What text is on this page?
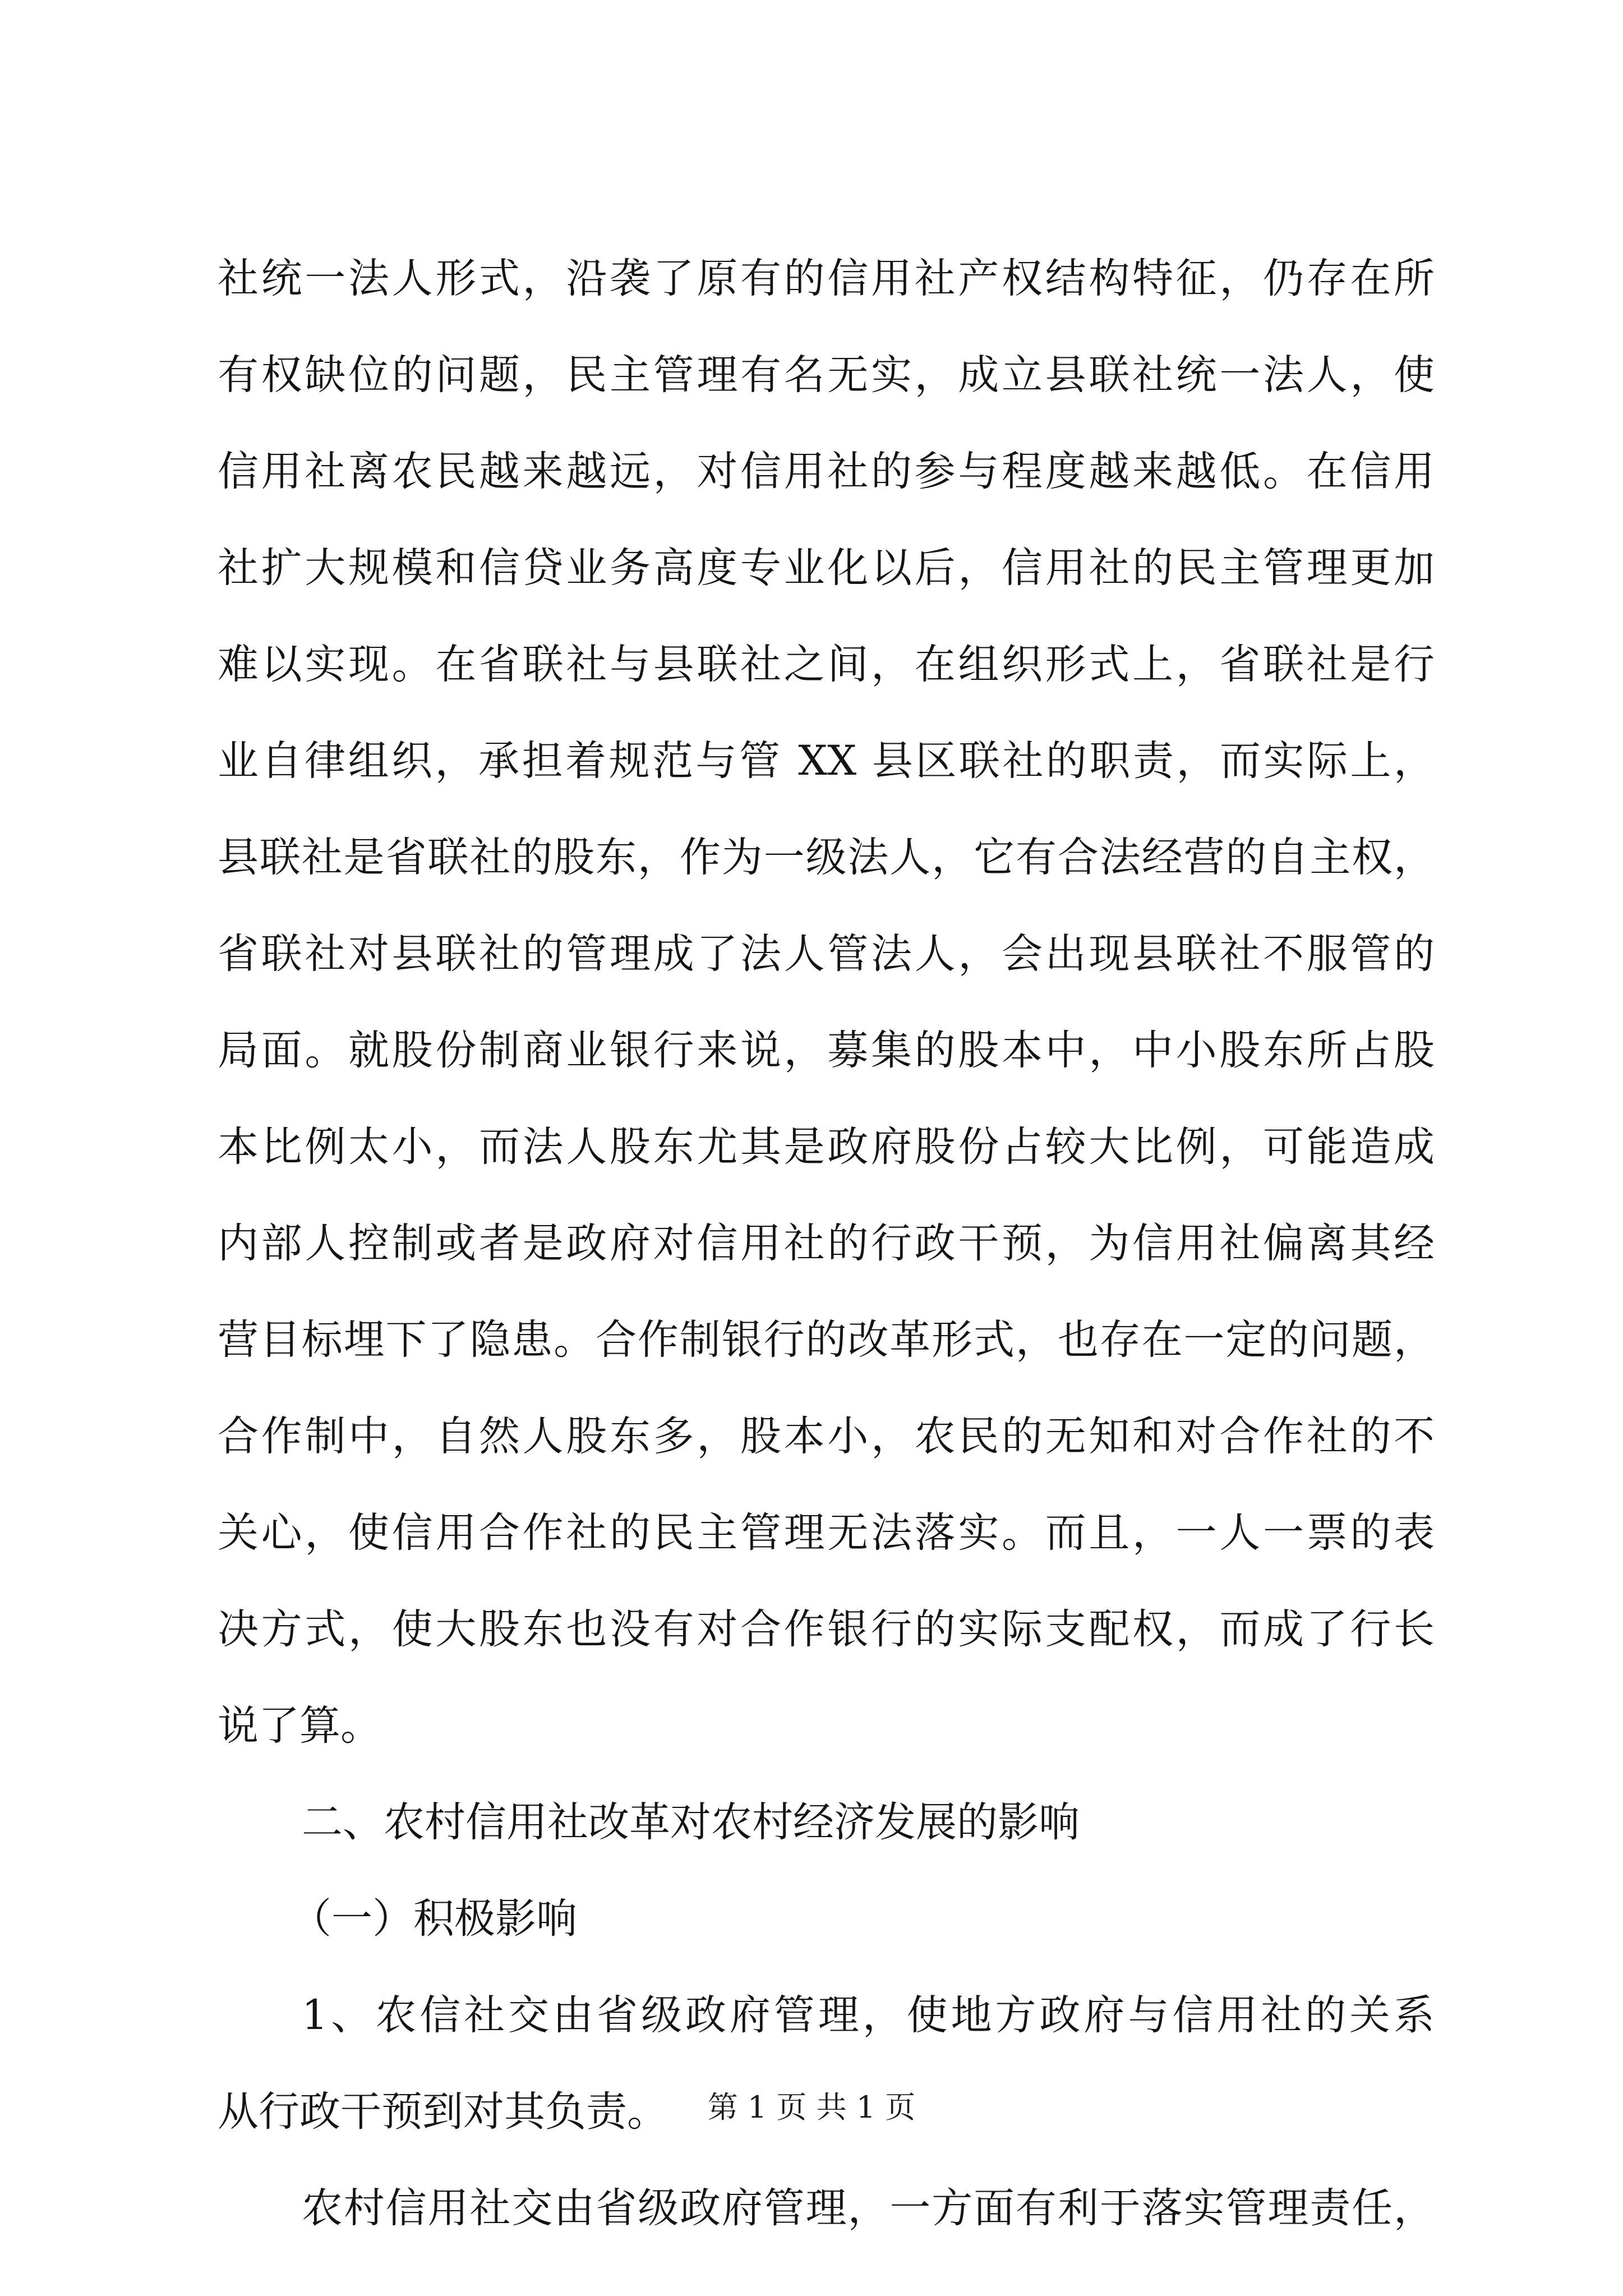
社统一法人形式，沿袭了原有的信用社产权结构特征，仍存在所
有权缺位的问题，民主管理有名无实，成立县联社统一法人，使
信用社离农民越来越远，对信用社的参与程度越来越低。在信用
社扩大规模和信贷业务高度专业化以后，信用社的民主管理更加
难以实现。在省联社与县联社之间，在组织形式上，省联社是行
业自律组织，承担着规范与管 XX 县区联社的职责，而实际上，
县联社是省联社的股东，作为一级法人，它有合法经营的自主权，
省联社对县联社的管理成了法人管法人，会出现县联社不服管的
局面。就股份制商业银行来说，募集的股本中，中小股东所占股
本比例太小，而法人股东尤其是政府股份占较大比例，可能造成
内部人控制或者是政府对信用社的行政干预，为信用社偏离其经
营目标埋下了隐患。合作制银行的改革形式，也存在一定的问题，
合作制中，自然人股东多，股本小，农民的无知和对合作社的不
关心，使信用合作社的民主管理无法落实。而且，一人一票的表
决方式，使大股东也没有对合作银行的实际支配权，而成了行长
说了算。
二、农村信用社改革对农村经济发展的影响
（一）积极影响
1、农信社交由省级政府管理，使地方政府与信用社的关系
从行政干预到对其负责。
农村信用社交由省级政府管理，一方面有利于落实管理责任，
第 1 页 共 1 页
